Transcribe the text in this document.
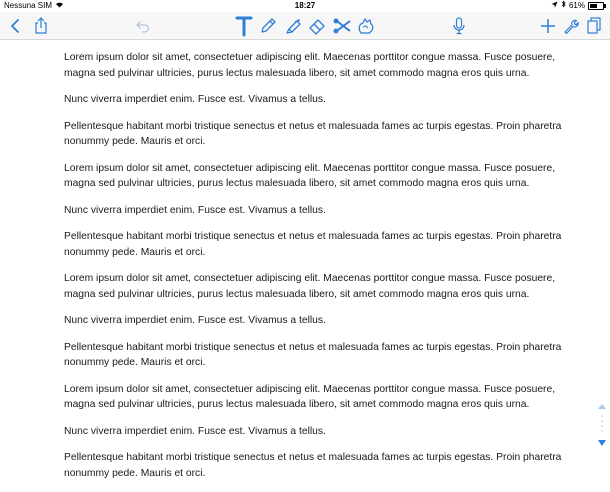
Nessuna SIM	18:27	61%

Lorem ipsum dolor sit amet, consectetuer adipiscing elit. Maecenas porttitor congue massa. Fusce posuere, magna sed pulvinar ultricies, purus lectus malesuada libero, sit amet commodo magna eros quis urna.

Nunc viverra imperdiet enim. Fusce est. Vivamus a tellus.

Pellentesque habitant morbi tristique senectus et netus et malesuada fames ac turpis egestas. Proin pharetra nonummy pede. Mauris et orci.

Lorem ipsum dolor sit amet, consectetuer adipiscing elit. Maecenas porttitor congue massa. Fusce posuere, magna sed pulvinar ultricies, purus lectus malesuada libero, sit amet commodo magna eros quis urna.

Nunc viverra imperdiet enim. Fusce est. Vivamus a tellus.

Pellentesque habitant morbi tristique senectus et netus et malesuada fames ac turpis egestas. Proin pharetra nonummy pede. Mauris et orci.

Lorem ipsum dolor sit amet, consectetuer adipiscing elit. Maecenas porttitor congue massa. Fusce posuere, magna sed pulvinar ultricies, purus lectus malesuada libero, sit amet commodo magna eros quis urna.

Nunc viverra imperdiet enim. Fusce est. Vivamus a tellus.

Pellentesque habitant morbi tristique senectus et netus et malesuada fames ac turpis egestas. Proin pharetra nonummy pede. Mauris et orci.

Lorem ipsum dolor sit amet, consectetuer adipiscing elit. Maecenas porttitor congue massa. Fusce posuere, magna sed pulvinar ultricies, purus lectus malesuada libero, sit amet commodo magna eros quis urna.

Nunc viverra imperdiet enim. Fusce est. Vivamus a tellus.

Pellentesque habitant morbi tristique senectus et netus et malesuada fames ac turpis egestas. Proin pharetra nonummy pede. Mauris et orci.
